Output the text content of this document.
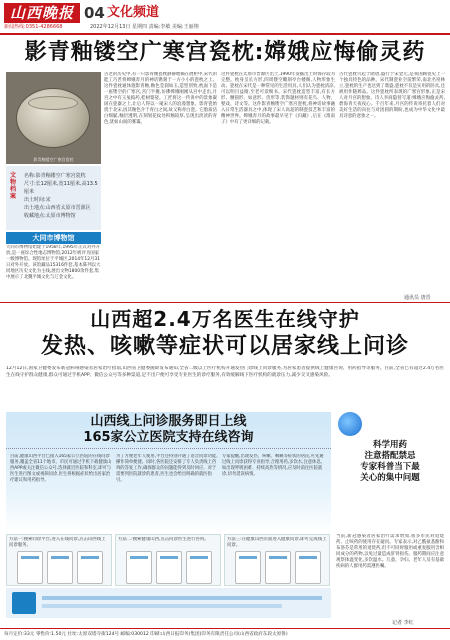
山西晚报 04 文化频道
新闻热线:0351-4286668	2022年12月13日 星期四 责编:李敏 美编:王丽翔
影青釉镂空广寒宫瓷枕:嫦娥应悔偷灵药
影青釉镂空广寒宫瓷枕
文物档案
名称:影青釉镂空广寒宫瓷枕
尺寸:长12厘米,宽11厘米,高13.5厘米
出土时间:宋
出土地点:山西省太原市晋源区
收藏地点:太原市博物馆
大同市博物馆
大同市博物馆始建于1958年,1995年正式对外开放,是一座综合性地志博物馆,2012年被评为国家一级博物馆。现馆址位于平城区,2014年12月31日对外开放。该馆藏品15316件套,基本陈列以大同地区历史文化为主线,展出文物1800余件套,集中展示了北魏平城文化与辽金文化。
古老的历史中,有一只影青釉瓷枕静静地躺在展柜中,宋代的能工巧匠将嫦娥奔月的神话镌刻于一方小小的瓷枕之上。这件瓷枕通体施影青釉,釉色莹润如玉,造型别致,枕面下是一座镂空的广寒宫,宫门半掩,仿佛嫦娥刚刚从宫中走出,月宫之中有玉兔捣药,桂树婆娑。工匠将这一传说中的景象凝固在瓷器之上,让后人得以一窥宋人的浪漫想象。影青瓷始烧于北宋,因其釉色介于青白之间,故又称青白瓷。它胎质洁白细腻,釉层透明,在刻划花纹处积釉较厚,呈现出淡淡的青色,犹如山间的雾霭。
这件瓷枕在太原市晋源区出土,1990年发掘出土时保存较为完整。枕身呈长方形,四周镂空雕刻亭台楼阁,人物形象生动。瓷枕在宋代是一种常见的生活用具,人们认为瓷枕清凉,可以明目益睛,至老可读细书。宋代瓷枕造型丰富,有长方形、腰圆形、如意形、兽形等,装饰题材则有花鸟、人物、婴戏、诗文等。这件影青釉镂空广寒宫瓷枕,将神话故事融入日常生活器具之中,体现了宋人高超的制瓷技艺和丰富的精神世界。嫦娥奔月的故事最早见于《归藏》,后在《淮南子》中有了更详细的记载。
古代瓷枕兴起于隋唐,盛行于宋金元,是我国陶瓷史上一个独具特色的品种。宋代制瓷业空前繁荣,南北名窑林立,瓷枕的生产也达到了鼎盛,瓷枕不仅是实用的卧具,还被用作随葬品。这件瓷枕所表现的广寒宫形象,正是宋人对月宫的想象。诗人李商隐曾写道:嫦娥应悔偷灵药,碧海青天夜夜心。千百年来,月宫的传说寄托着人们对美好生活的向往与对团圆的期盼,也成为中华文化中最具诗意的意象之一。
通讯员 唐晋
山西超2.4万名医生在线守护
发热、咳嗽等症状可以居家线上问诊
12月12日,国家卫健委发布新冠病毒感染者居家治疗指南,山西省卫健委随即发布通知,全省二级以上医疗机构开通发热门诊线上问诊服务,为居家患者提供线上健康咨询、用药指导等服务。目前,全省已有超过2.4万名医生在线守护群众健康,群众可通过手机APP、微信公众号等多种渠道,足不出户便可享受专业医生的诊疗服务,有效缓解线下医疗机构的就诊压力,减少交叉感染风险。
山西线上问诊服务即日上线
165家公立医院支持在线咨询
目前,健康山西平台已接入165家公立医院的在线问诊服务,覆盖全省11个地市。市民可通过手机下载健康山西APP或关注微信公众号,选择就近医院和科室,即可与医生进行图文或视频问诊,医生将根据症状给出居家治疗建议和用药指导。
为了方便老年人使用,平台还特别开通了语音问诊功能,操作简单便捷。同时,各医院还安排了专人负责线上咨询的答复工作,确保群众的问题能得到及时回应。对于需要到医院就诊的患者,医生也会给出明确的就医指引。
专家提醒,出现发热、咳嗽、咽痛等症状的居民,可先通过线上问诊获得专业指导,合理用药,多饮水,注意休息。如出现呼吸困难、持续高热等情况,应及时前往医院就诊,切勿延误病情。
科学用药
注意搭配禁忌
专家科普当下最
关心的集中问题
方法一:搜索问诊平台,进入在线问诊,点击山西线上问诊服务。
方法二:搜索健康山西,点击问诊医生进行咨询。	方法三:在健康山西页面进入健康问诊,即可完成线上问诊。
当前,新冠感染者居家治疗需求增加,很多市民对退烧药、止咳药的使用存在疑问。专家表示,对乙酰氨基酚和布洛芬是常用的退烧药,但不可同时服用或重复服用含相同成分的药物,以免过量造成肝肾损伤。服药期间应注意观察体温变化,多饮温水。儿童、孕妇、老年人及有基础疾病的人群用药需遵医嘱。
记者 李红
每月定价:33元 零售价:1.50元 社址:太原双塔寺街124号 邮编:030012 印刷:山西日报印务(集团)印务有限责任公司(山西省政府东段太原鲁)
